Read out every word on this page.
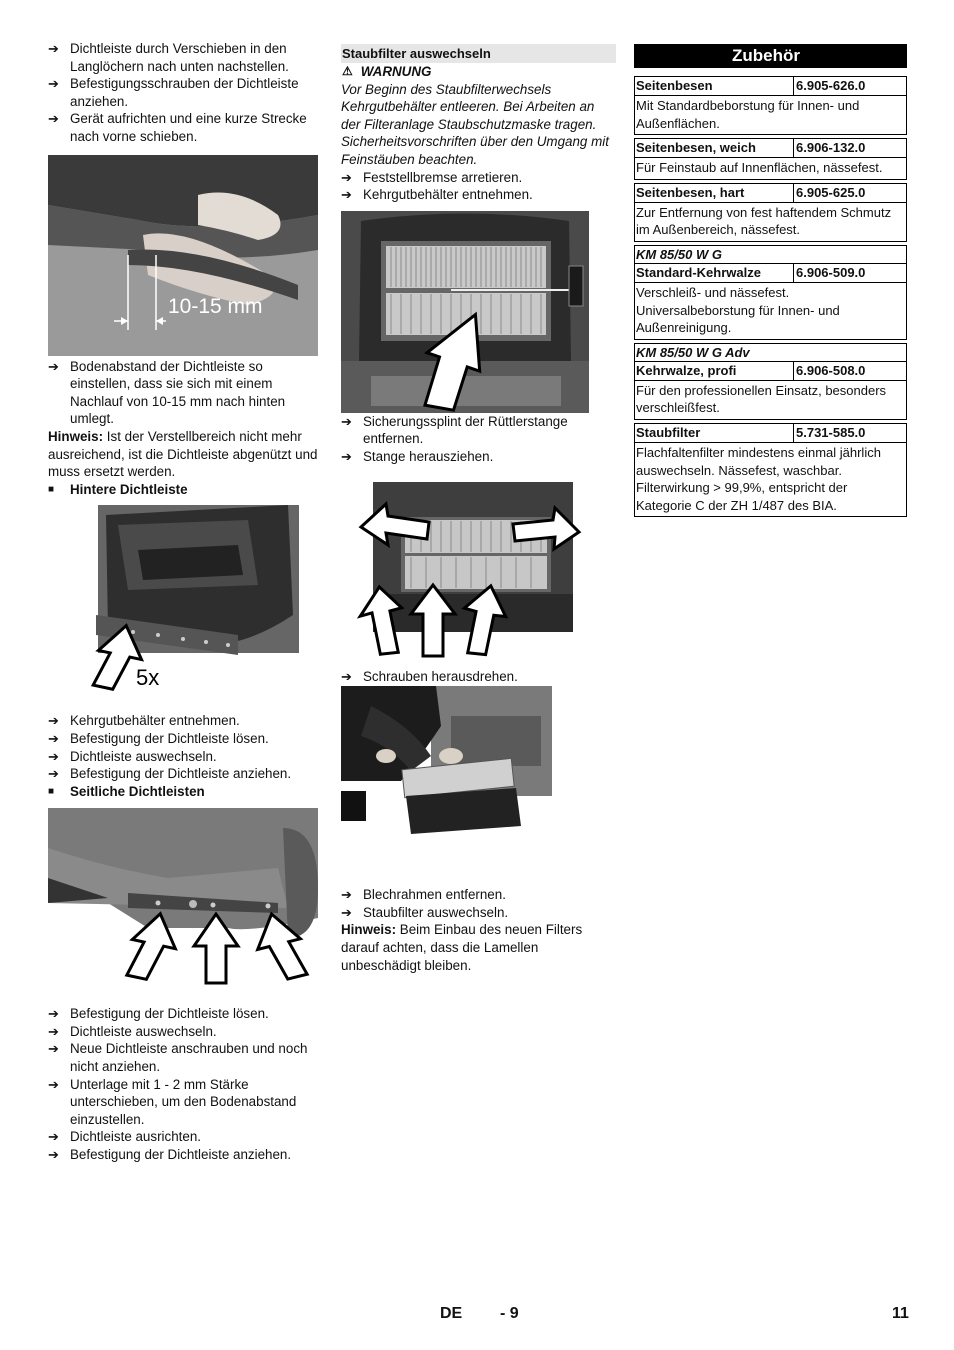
➔ Dichtleiste durch Verschieben in den Langlöchern nach unten nachstellen.
➔ Befestigungsschrauben der Dichtleiste anziehen.
➔ Gerät aufrichten und eine kurze Strecke nach vorne schieben.
10-15 mm
➔ Bodenabstand der Dichtleiste so einstellen, dass sie sich mit einem Nachlauf von 10-15 mm nach hinten umlegt.
Hinweis: Ist der Verstellbereich nicht mehr ausreichend, ist die Dichtleiste abgenützt und muss ersetzt werden.
■	Hintere Dichtleiste
5x
➔ Kehrgutbehälter entnehmen.
➔ Befestigung der Dichtleiste lösen.
➔ Dichtleiste auswechseln.
➔ Befestigung der Dichtleiste anziehen.
■	Seitliche Dichtleisten
➔ Befestigung der Dichtleiste lösen.
➔ Dichtleiste auswechseln.
➔ Neue Dichtleiste anschrauben und noch nicht anziehen.
➔ Unterlage mit 1 - 2 mm Stärke unterschieben, um den Bodenabstand einzustellen.
➔ Dichtleiste ausrichten.
➔ Befestigung der Dichtleiste anziehen.
Staubfilter auswechseln
⚠ WARNUNG
Vor Beginn des Staubfilterwechsels Kehrgutbehälter entleeren. Bei Arbeiten an der Filteranlage Staubschutzmaske tragen. Sicherheitsvorschriften über den Umgang mit Feinstäuben beachten.
➔ Feststellbremse arretieren.
➔ Kehrgutbehälter entnehmen.
➔ Sicherungssplint der Rüttlerstange entfernen.
➔ Stange herausziehen.
➔ Schrauben herausdrehen.
➔ Blechrahmen entfernen.
➔ Staubfilter auswechseln.
Hinweis: Beim Einbau des neuen Filters darauf achten, dass die Lamellen unbeschädigt bleiben.
Zubehör
Seitenbesen	6.905-626.0
Mit Standardbeborstung für Innen- und Außenflächen.
Seitenbesen, weich	6.906-132.0
Für Feinstaub auf Innenflächen, nässefest.
Seitenbesen, hart	6.905-625.0
Zur Entfernung von fest haftendem Schmutz im Außenbereich, nässefest.
KM 85/50 W G
Standard-Kehrwalze	6.906-509.0
Verschleiß- und nässefest. Universalbeborstung für Innen- und Außenreinigung.
KM 85/50 W G Adv
Kehrwalze, profi	6.906-508.0
Für den professionellen Einsatz, besonders verschleißfest.
Staubfilter	5.731-585.0
Flachfaltenfilter mindestens einmal jährlich auswechseln. Nässefest, waschbar. Filterwirkung > 99,9%, entspricht der Kategorie C der ZH 1/487 des BIA.
DE - 9	11
